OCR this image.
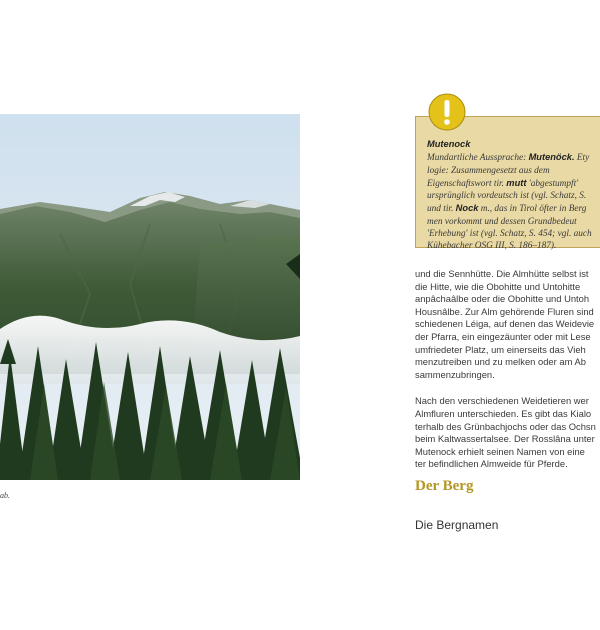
ab.
Mutenock
Mundartliche Aussprache: Mutenöck. Ety
logie: Zusammengesetzt aus dem
Eigenschaftswort tir. mutt 'abgestumpft'
ursprünglich vordeutsch ist (vgl. Schatz, S.
und tir. Nock m., das in Tirol öfter in Berg
men vorkommt und dessen Grundbedeut
'Erhebung' ist (vgl. Schatz, S. 454; vgl. auch
Kühebacher OSG III, S. 186–187).

und die Sennhütte. Die Almhütte selbst ist

die Hitte, wie die Obohitte und Untohitte

anpâchaâlbe oder die Obohitte und Untoh

Housnâlbe. Zur Alm gehörende Fluren sind

schiedenen Léiga, auf denen das Weidevie

der Pfarra, ein eingezäunter oder mit Lese

umfriedeter Platz, um einerseits das Vieh

menzutreiben und zu melken oder am Ab

sammenzubringen.

Nach den verschiedenen Weidetieren wer

Almfluren unterschieden. Es gibt das Kialo

terhalb des Grünbachjochs oder das Ochsn

beim Kaltwassertalsee. Der Rosslâna unter

Mutenock erhielt seinen Namen von eine

ter befindlichen Almweide für Pferde.

Der Berg
Die Bergnamen
